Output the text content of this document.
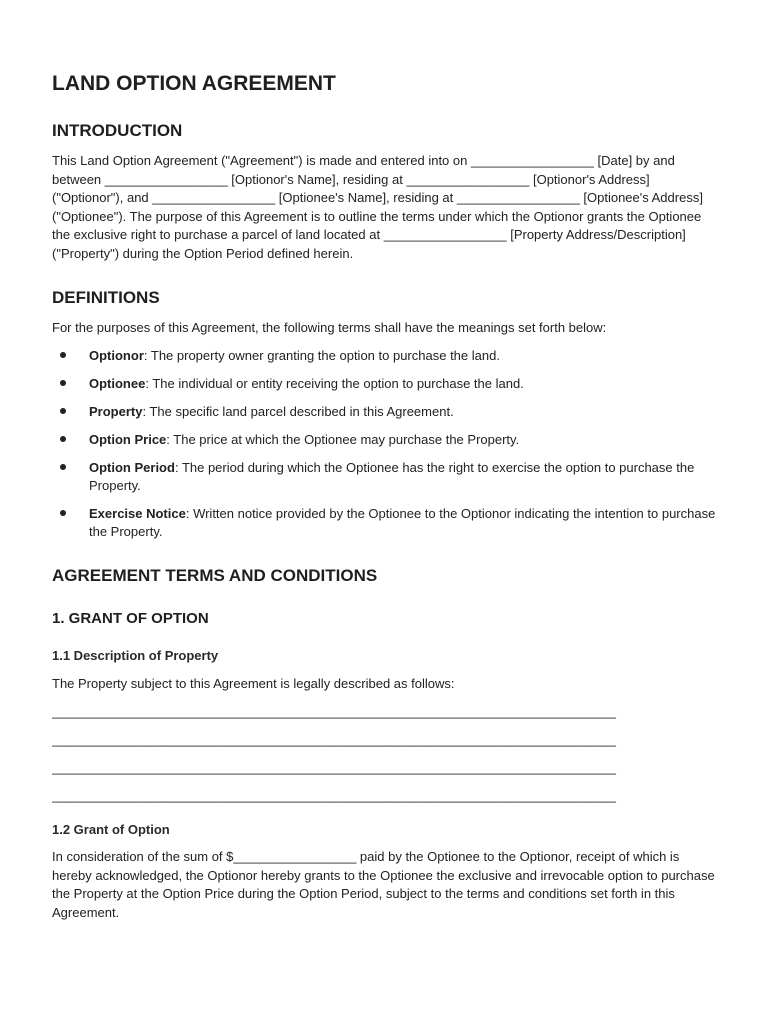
LAND OPTION AGREEMENT
INTRODUCTION

This Land Option Agreement ("Agreement") is made and entered into on _________________ [Date] by and between _________________ [Optionor's Name], residing at _________________ [Optionor's Address] ("Optionor"), and _________________ [Optionee's Name], residing at _________________ [Optionee's Address] ("Optionee"). The purpose of this Agreement is to outline the terms under which the Optionor grants the Optionee the exclusive right to purchase a parcel of land located at _________________ [Property Address/Description] ("Property") during the Option Period defined herein.

DEFINITIONS

For the purposes of this Agreement, the following terms shall have the meanings set forth below:

Optionor: The property owner granting the option to purchase the land.
Optionee: The individual or entity receiving the option to purchase the land.
Property: The specific land parcel described in this Agreement.
Option Price: The price at which the Optionee may purchase the Property.
Option Period: The period during which the Optionee has the right to exercise the option to purchase the Property.
Exercise Notice: Written notice provided by the Optionee to the Optionor indicating the intention to purchase the Property.
AGREEMENT TERMS AND CONDITIONS
1. GRANT OF OPTION
1.1 Description of Property

The Property subject to this Agreement is legally described as follows:

______________________________________________________________________________
______________________________________________________________________________
______________________________________________________________________________
______________________________________________________________________________
1.2 Grant of Option

In consideration of the sum of $_________________ paid by the Optionee to the Optionor, receipt of which is hereby acknowledged, the Optionor hereby grants to the Optionee the exclusive and irrevocable option to purchase the Property at the Option Price during the Option Period, subject to the terms and conditions set forth in this Agreement.
